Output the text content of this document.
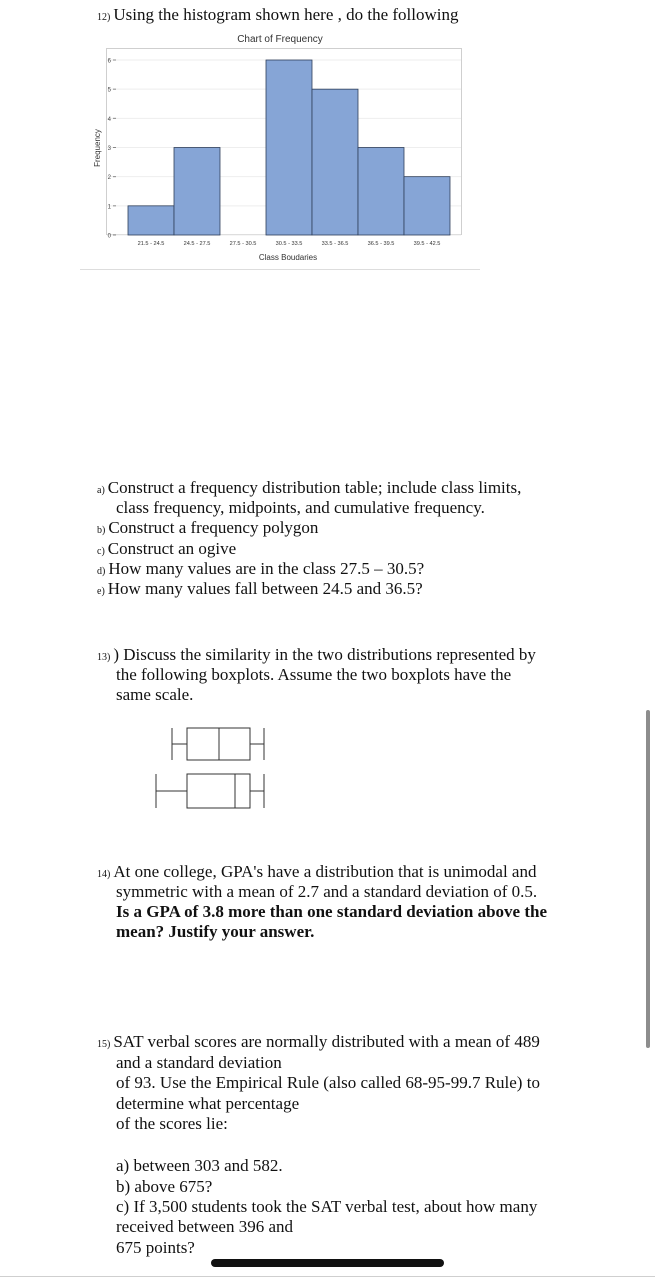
12) Using the histogram shown here , do the following
0
1
2
3
4
5
6
21.5 - 24.5	24.5 - 27.5	27.5 - 30.5	30.5 - 33.5	33.5 - 36.5	36.5 - 39.5	39.5 - 42.5
Chart of Frequency
Class Boudaries
Frequency
a) Construct a frequency distribution table; include class limits,
class frequency, midpoints, and cumulative frequency.
b) Construct a frequency polygon
c) Construct an ogive
d) How many values are in the class 27.5 – 30.5?
e) How many values fall between 24.5 and 36.5?
13) ) Discuss the similarity in the two distributions represented by
the following boxplots. Assume the two boxplots have the
same scale.
14) At one college, GPA's have a distribution that is unimodal and
symmetric with a mean of 2.7 and a standard deviation of 0.5.
Is a GPA of 3.8 more than one standard deviation above the
mean? Justify your answer.
15) SAT verbal scores are normally distributed with a mean of 489
and a standard deviation
of 93. Use the Empirical Rule (also called 68-95-99.7 Rule) to
determine what percentage
of the scores lie:
a) between 303 and 582.
b) above 675?
c) If 3,500 students took the SAT verbal test, about how many
received between 396 and
675 points?
